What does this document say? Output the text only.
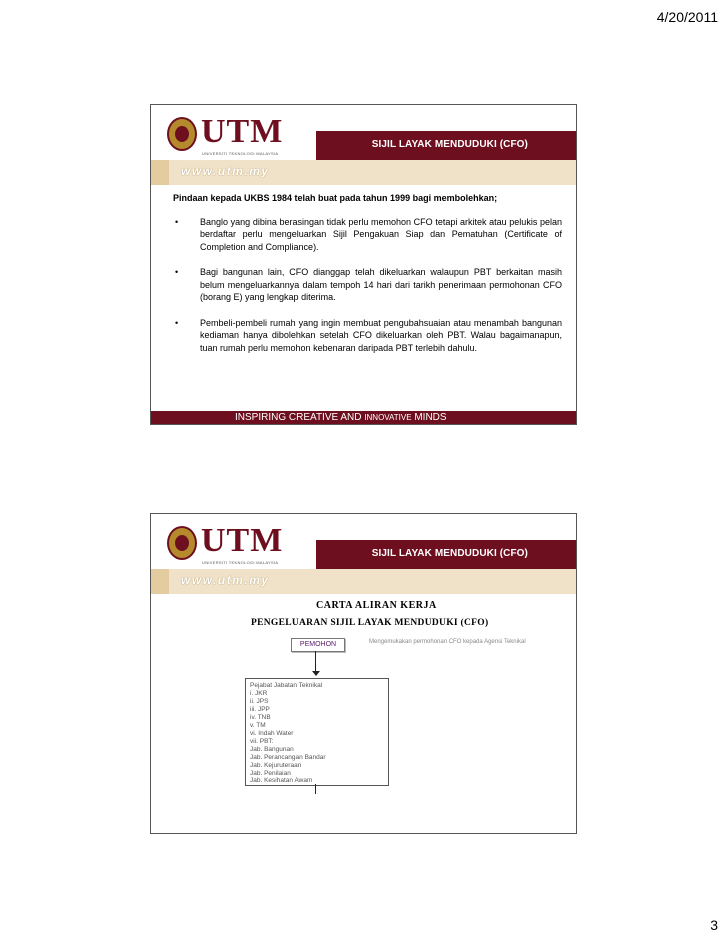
4/20/2011
UTM
UNIVERSITI TEKNOLOGI MALAYSIA
SIJIL LAYAK MENDUDUKI (CFO)
www.utm.my
Pindaan kepada UKBS 1984 telah buat pada tahun 1999 bagi membolehkan;
• Banglo yang dibina berasingan tidak perlu memohon CFO tetapi arkitek atau pelukis pelan berdaftar perlu mengeluarkan Sijil Pengakuan Siap dan Pematuhan (Certificate of Completion and Compliance).
• Bagi bangunan lain, CFO dianggap telah dikeluarkan walaupun PBT berkaitan masih belum mengeluarkannya dalam tempoh 14 hari dari tarikh penerimaan permohonan CFO (borang E) yang lengkap diterima.
• Pembeli-pembeli rumah yang ingin membuat pengubahsuaian atau menambah bangunan kediaman hanya dibolehkan setelah CFO dikeluarkan oleh PBT. Walau bagaimanapun, tuan rumah perlu memohon kebenaran daripada PBT terlebih dahulu.
INSPIRING CREATIVE AND INNOVATIVE MINDS
UTM
UNIVERSITI TEKNOLOGI MALAYSIA
SIJIL LAYAK MENDUDUKI (CFO)
www.utm.my
CARTA ALIRAN KERJA
PENGELUARAN SIJIL LAYAK MENDUDUKI (CFO)
PEMOHON	Mengemukakan permohonan CFO kepada Agensi Teknikal
Pejabat Jabatan Teknikal
i. JKR
ii. JPS
iii. JPP
iv. TNB
v. TM
vi. Indah Water
vii. PBT:
Jab. Bangunan
Jab. Perancangan Bandar
Jab. Kejuruteraan
Jab. Penilaian
Jab. Kesihatan Awam
3
